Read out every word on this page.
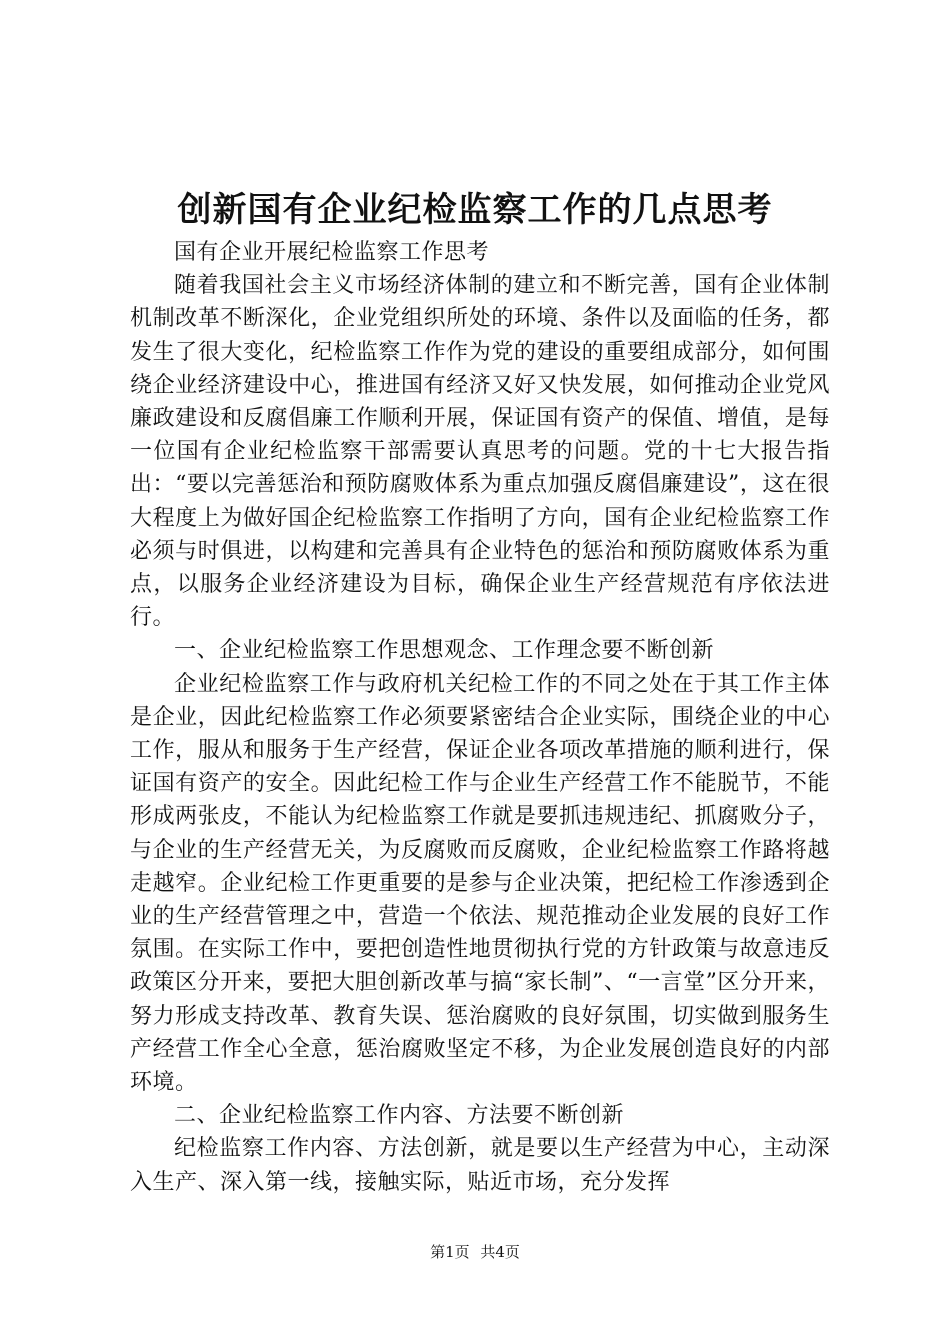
创新国有企业纪检监察工作的几点思考

国有企业开展纪检监察工作思考

随着我国社会主义市场经济体制的建立和不断完善，国有企业体制机制改革不断深化，企业党组织所处的环境、条件以及面临的任务，都发生了很大变化，纪检监察工作作为党的建设的重要组成部分，如何围绕企业经济建设中心，推进国有经济又好又快发展，如何推动企业党风廉政建设和反腐倡廉工作顺利开展，保证国有资产的保值、增值，是每一位国有企业纪检监察干部需要认真思考的问题。党的十七大报告指出：“要以完善惩治和预防腐败体系为重点加强反腐倡廉建设”，这在很大程度上为做好国企纪检监察工作指明了方向，国有企业纪检监察工作必须与时俱进，以构建和完善具有企业特色的惩治和预防腐败体系为重点，以服务企业经济建设为目标，确保企业生产经营规范有序依法进行。

一、企业纪检监察工作思想观念、工作理念要不断创新

企业纪检监察工作与政府机关纪检工作的不同之处在于其工作主体是企业，因此纪检监察工作必须要紧密结合企业实际，围绕企业的中心工作，服从和服务于生产经营，保证企业各项改革措施的顺利进行，保证国有资产的安全。因此纪检工作与企业生产经营工作不能脱节，不能形成两张皮，不能认为纪检监察工作就是要抓违规违纪、抓腐败分子，与企业的生产经营无关，为反腐败而反腐败，企业纪检监察工作路将越走越窄。企业纪检工作更重要的是参与企业决策，把纪检工作渗透到企业的生产经营管理之中，营造一个依法、规范推动企业发展的良好工作氛围。在实际工作中，要把创造性地贯彻执行党的方针政策与故意违反政策区分开来，要把大胆创新改革与搞“家长制”、“一言堂”区分开来，努力形成支持改革、教育失误、惩治腐败的良好氛围，切实做到服务生产经营工作全心全意，惩治腐败坚定不移，为企业发展创造良好的内部环境。

二、企业纪检监察工作内容、方法要不断创新

纪检监察工作内容、方法创新，就是要以生产经营为中心，主动深入生产、深入第一线，接触实际，贴近市场，充分发挥

第1页 共4页
